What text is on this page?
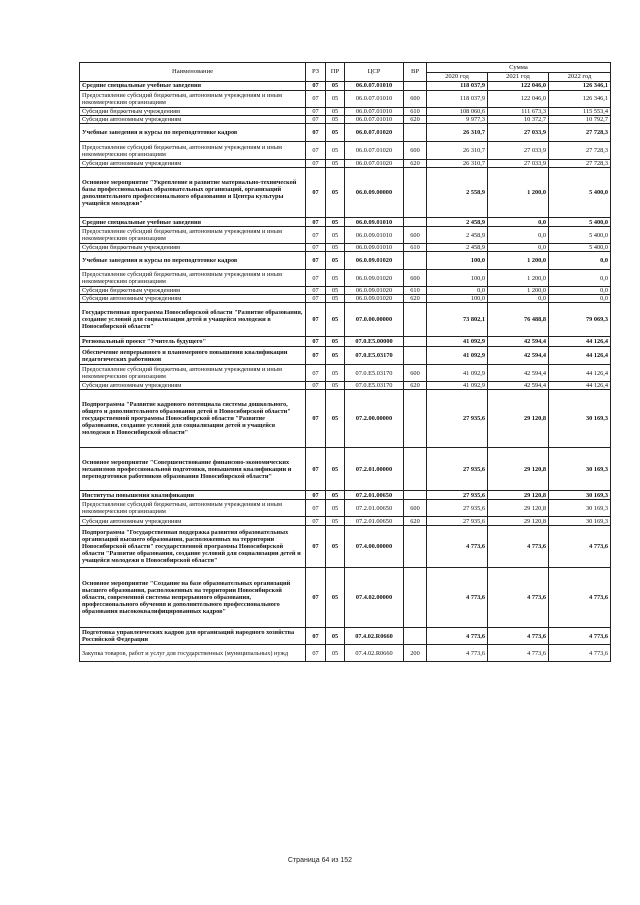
Наименование	РЗ	ПР	ЦСР	ВР	Сумма		
					2020 год	2021 год	2022 год
Средние специальные учебные заведения	07	05	06.0.07.01010		118 037,9	122 046,0	126 346,1
Предоставление субсидий бюджетным, автономным учреждениям и иным некоммерческим организациям	07	05	06.0.07.01010	600	118 037,9	122 046,0	126 346,1
Субсидии бюджетным учреждениям	07	05	06.0.07.01010	610	108 060,6	111 673,3	115 553,4
Субсидии автономным учреждениям	07	05	06.0.07.01010	620	9 977,3	10 372,7	10 792,7
Учебные заведения и курсы по переподготовке кадров	07	05	06.0.07.01020		26 310,7	27 033,9	27 728,3
Предоставление субсидий бюджетным, автономным учреждениям и иным некоммерческим организациям	07	05	06.0.07.01020	600	26 310,7	27 033,9	27 728,3
Субсидии автономным учреждениям	07	05	06.0.07.01020	620	26 310,7	27 033,9	27 728,3
Основное мероприятие "Укрепление и развитие материально-технической базы профессиональных образовательных организаций, организаций дополнительного профессионального образования и Центра культуры учащейся молодежи"	07	05	06.0.09.00000		2 558,9	1 200,0	5 400,0
Средние специальные учебные заведения	07	05	06.0.09.01010		2 458,9	0,0	5 400,0
Предоставление субсидий бюджетным, автономным учреждениям и иным некоммерческим организациям	07	05	06.0.09.01010	600	2 458,9	0,0	5 400,0
Субсидии бюджетным учреждениям	07	05	06.0.09.01010	610	2 458,9	0,0	5 400,0
Учебные заведения и курсы по переподготовке кадров	07	05	06.0.09.01020		100,0	1 200,0	0,0
Предоставление субсидий бюджетным, автономным учреждениям и иным некоммерческим организациям	07	05	06.0.09.01020	600	100,0	1 200,0	0,0
Субсидии бюджетным учреждениям	07	05	06.0.09.01020	610	0,0	1 200,0	0,0
Субсидии автономным учреждениям	07	05	06.0.09.01020	620	100,0	0,0	0,0
Государственная программа Новосибирской области "Развитие образования, создание условий для социализации детей и учащейся молодежи в Новосибирской области"	07	05	07.0.00.00000		73 802,1	76 488,8	79 069,3
Региональный проект "Учитель будущего"	07	05	07.0.E5.00000		41 092,9	42 594,4	44 126,4
Обеспечение непрерывного и планомерного повышения квалификации педагогических работников	07	05	07.0.E5.03170		41 092,9	42 594,4	44 126,4
Предоставление субсидий бюджетным, автономным учреждениям и иным некоммерческим организациям	07	05	07.0.E5.03170	600	41 092,9	42 594,4	44 126,4
Субсидии автономным учреждениям	07	05	07.0.E5.03170	620	41 092,9	42 594,4	44 126,4
Подпрограмма "Развитие кадрового потенциала системы дошкольного, общего и дополнительного образования детей в Новосибирской области" государственной программы Новосибирской области "Развитие образования, создание условий для социализации детей и учащейся молодежи в Новосибирской области"	07	05	07.2.00.00000		27 935,6	29 120,8	30 169,3
Основное мероприятие "Совершенствование финансово-экономических механизмов профессиональной подготовки, повышения квалификации и переподготовки работников образования Новосибирской области"	07	05	07.2.01.00000		27 935,6	29 120,8	30 169,3
Институты повышения квалификации	07	05	07.2.01.00650		27 935,6	29 120,8	30 169,3
Предоставление субсидий бюджетным, автономным учреждениям и иным некоммерческим организациям	07	05	07.2.01.00650	600	27 935,6	29 120,8	30 169,3
Субсидии автономным учреждениям	07	05	07.2.01.00650	620	27 935,6	29 120,8	30 169,3
Подпрограмма "Государственная поддержка развития образовательных организаций высшего образования, расположенных на территории Новосибирской области" государственной программы Новосибирской области "Развитие образования, создание условий для социализации детей и учащейся молодежи в Новосибирской области"	07	05	07.4.00.00000		4 773,6	4 773,6	4 773,6
Основное мероприятие "Создание на базе образовательных организаций высшего образования, расположенных на территории Новосибирской области, современной системы непрерывного образования, профессионального обучения и дополнительного профессионального образования высококвалифицированных кадров"	07	05	07.4.02.00000		4 773,6	4 773,6	4 773,6
Подготовка управленческих кадров для организаций народного хозяйства Российской Федерации	07	05	07.4.02.R0660		4 773,6	4 773,6	4 773,6
Закупка товаров, работ и услуг для государственных (муниципальных) нужд	07	05	07.4.02.R0660	200	4 773,6	4 773,6	4 773,6
Страница 64 из 152
